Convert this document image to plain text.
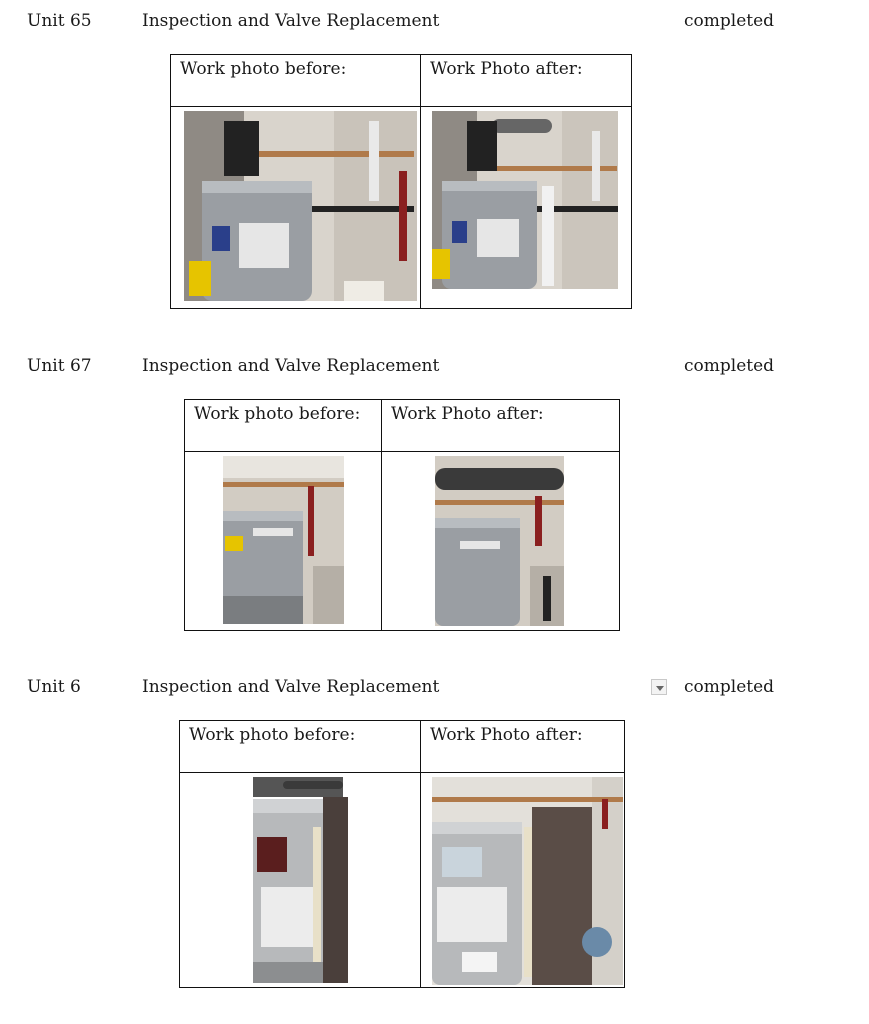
Unit 65	Inspection and Valve Replacement	completed
Work photo before:	Work Photo after:

Unit 67	Inspection and Valve Replacement	completed
Work photo before:	Work Photo after:

Unit 6	Inspection and Valve Replacement	completed
Work photo before:	Work Photo after:
